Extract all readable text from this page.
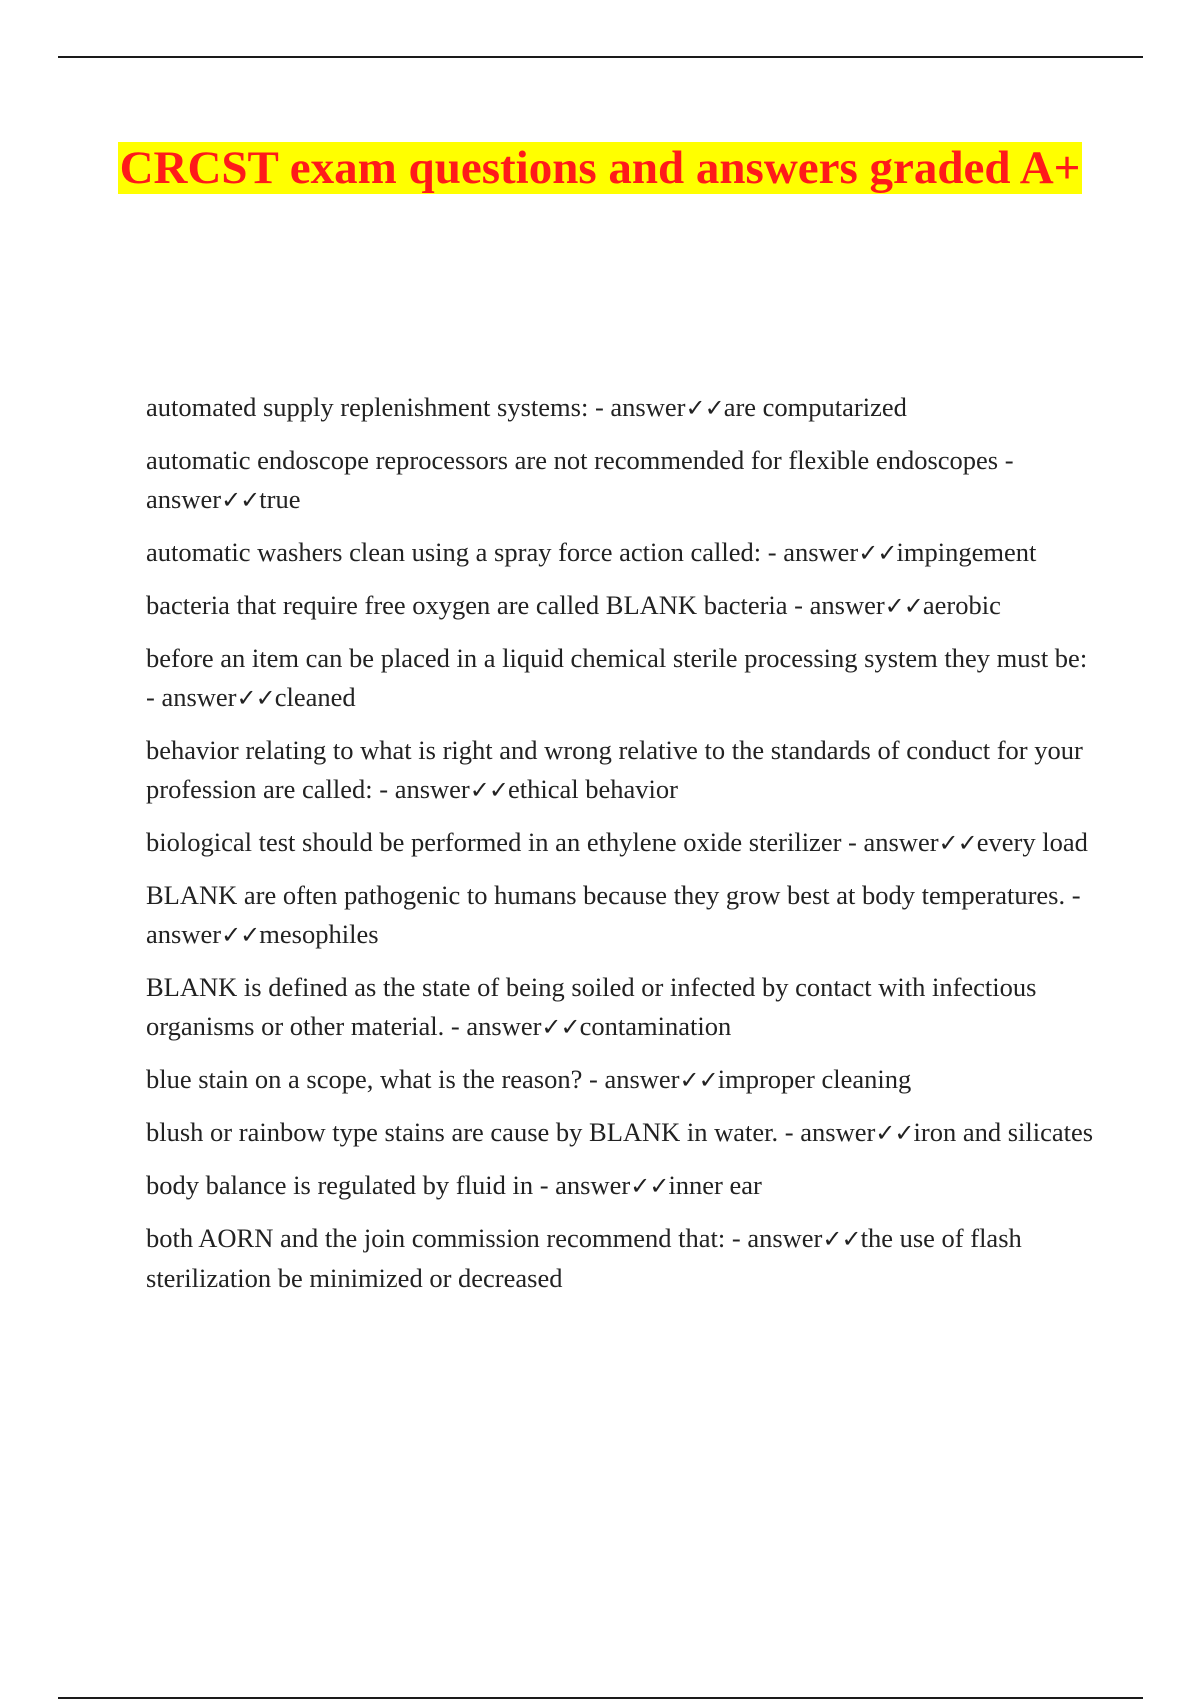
CRCST exam questions and answers graded A+
automated supply replenishment systems: - answer✓✓are computarized
automatic endoscope reprocessors are not recommended for flexible endoscopes - answer✓✓true
automatic washers clean using a spray force action called: - answer✓✓impingement
bacteria that require free oxygen are called BLANK bacteria - answer✓✓aerobic
before an item can be placed in a liquid chemical sterile processing system they must be: - answer✓✓cleaned
behavior relating to what is right and wrong relative to the standards of conduct for your profession are called: - answer✓✓ethical behavior
biological test should be performed in an ethylene oxide sterilizer - answer✓✓every load
BLANK are often pathogenic to humans because they grow best at body temperatures. - answer✓✓mesophiles
BLANK is defined as the state of being soiled or infected by contact with infectious organisms or other material. - answer✓✓contamination
blue stain on a scope, what is the reason? - answer✓✓improper cleaning
blush or rainbow type stains are cause by BLANK in water. - answer✓✓iron and silicates
body balance is regulated by fluid in - answer✓✓inner ear
both AORN and the join commission recommend that: - answer✓✓the use of flash sterilization be minimized or decreased
